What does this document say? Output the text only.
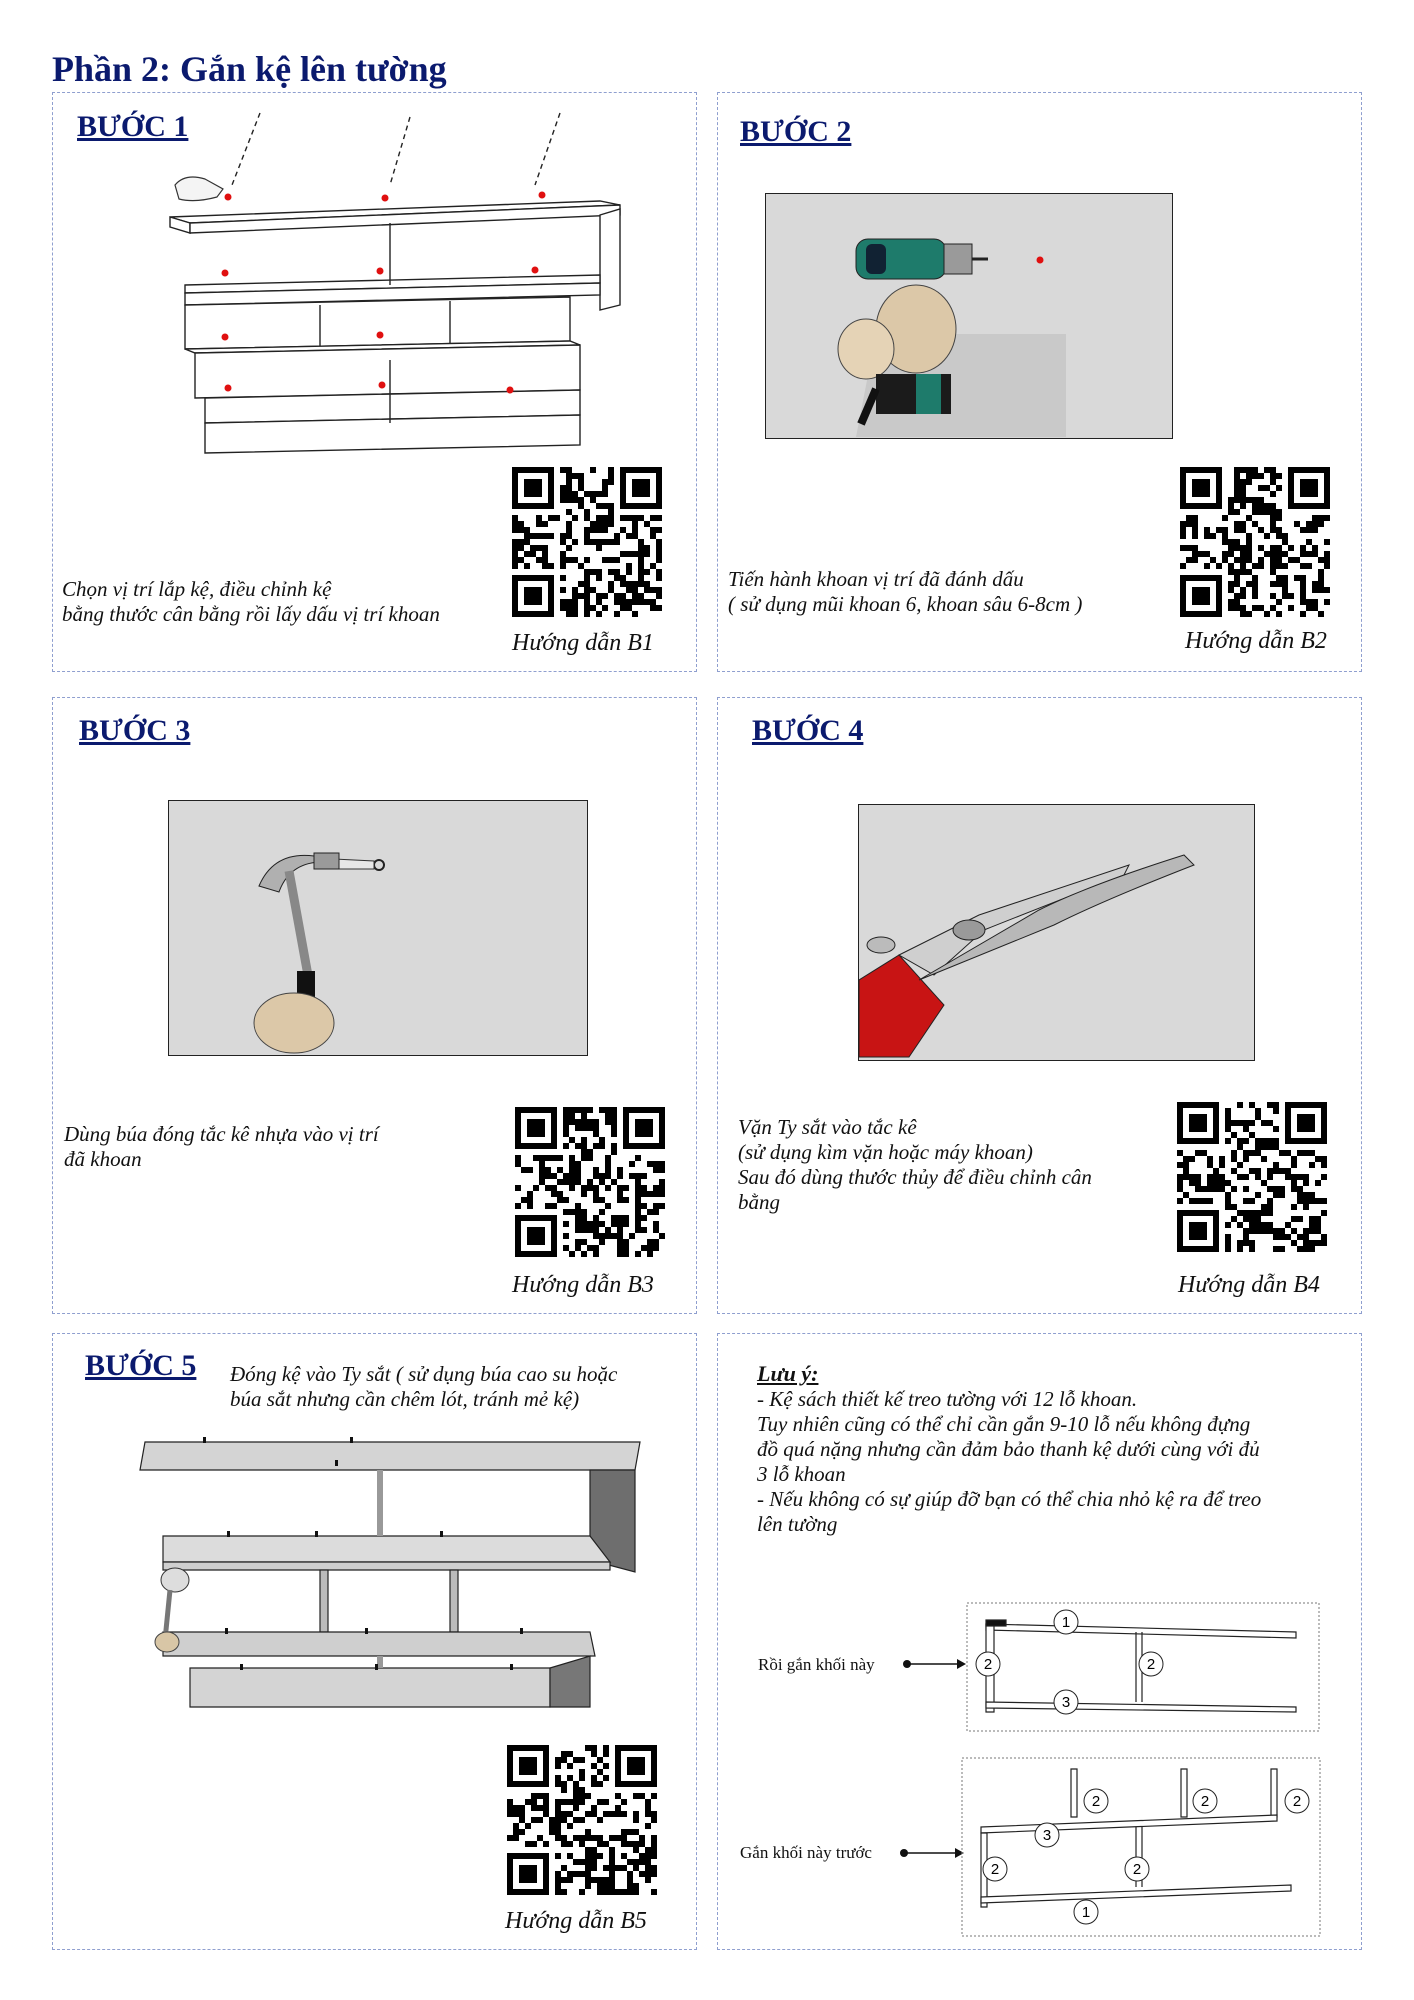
Phần 2: Gắn kệ lên tường
BƯỚC 1
Chọn vị trí lắp kệ, điều chỉnh kệ
bằng thước cân bằng rồi lấy dấu vị trí khoan
Hướng dẫn B1
BƯỚC 2
Tiến hành khoan vị trí đã đánh dấu
( sử dụng mũi khoan 6, khoan sâu 6-8cm )
Hướng dẫn B2
BƯỚC 3
Dùng búa đóng tắc kê nhựa vào vị trí
đã khoan
Hướng dẫn B3
BƯỚC 4
Vặn Ty sắt vào tắc kê
(sử dụng kìm vặn hoặc máy khoan)
Sau đó dùng thước thủy để điều chỉnh cân
bằng
Hướng dẫn B4
BƯỚC 5 Đóng kệ vào Ty sắt ( sử dụng búa cao su hoặc
búa sắt nhưng cần chêm lót, tránh mẻ kệ)
Hướng dẫn B5
Lưu ý:
- Kệ sách thiết kế treo tường với 12 lỗ khoan.
Tuy nhiên cũng có thể chỉ cần gắn 9-10 lỗ nếu không đựng
đồ quá nặng nhưng cần đảm bảo thanh kệ dưới cùng với đủ
3 lỗ khoan
- Nếu không có sự giúp đỡ bạn có thể chia nhỏ kệ ra để treo
lên tường
Rồi gắn khối này
Gắn khối này trước
1
2	2
3
2	2	2
3
2	2
1
